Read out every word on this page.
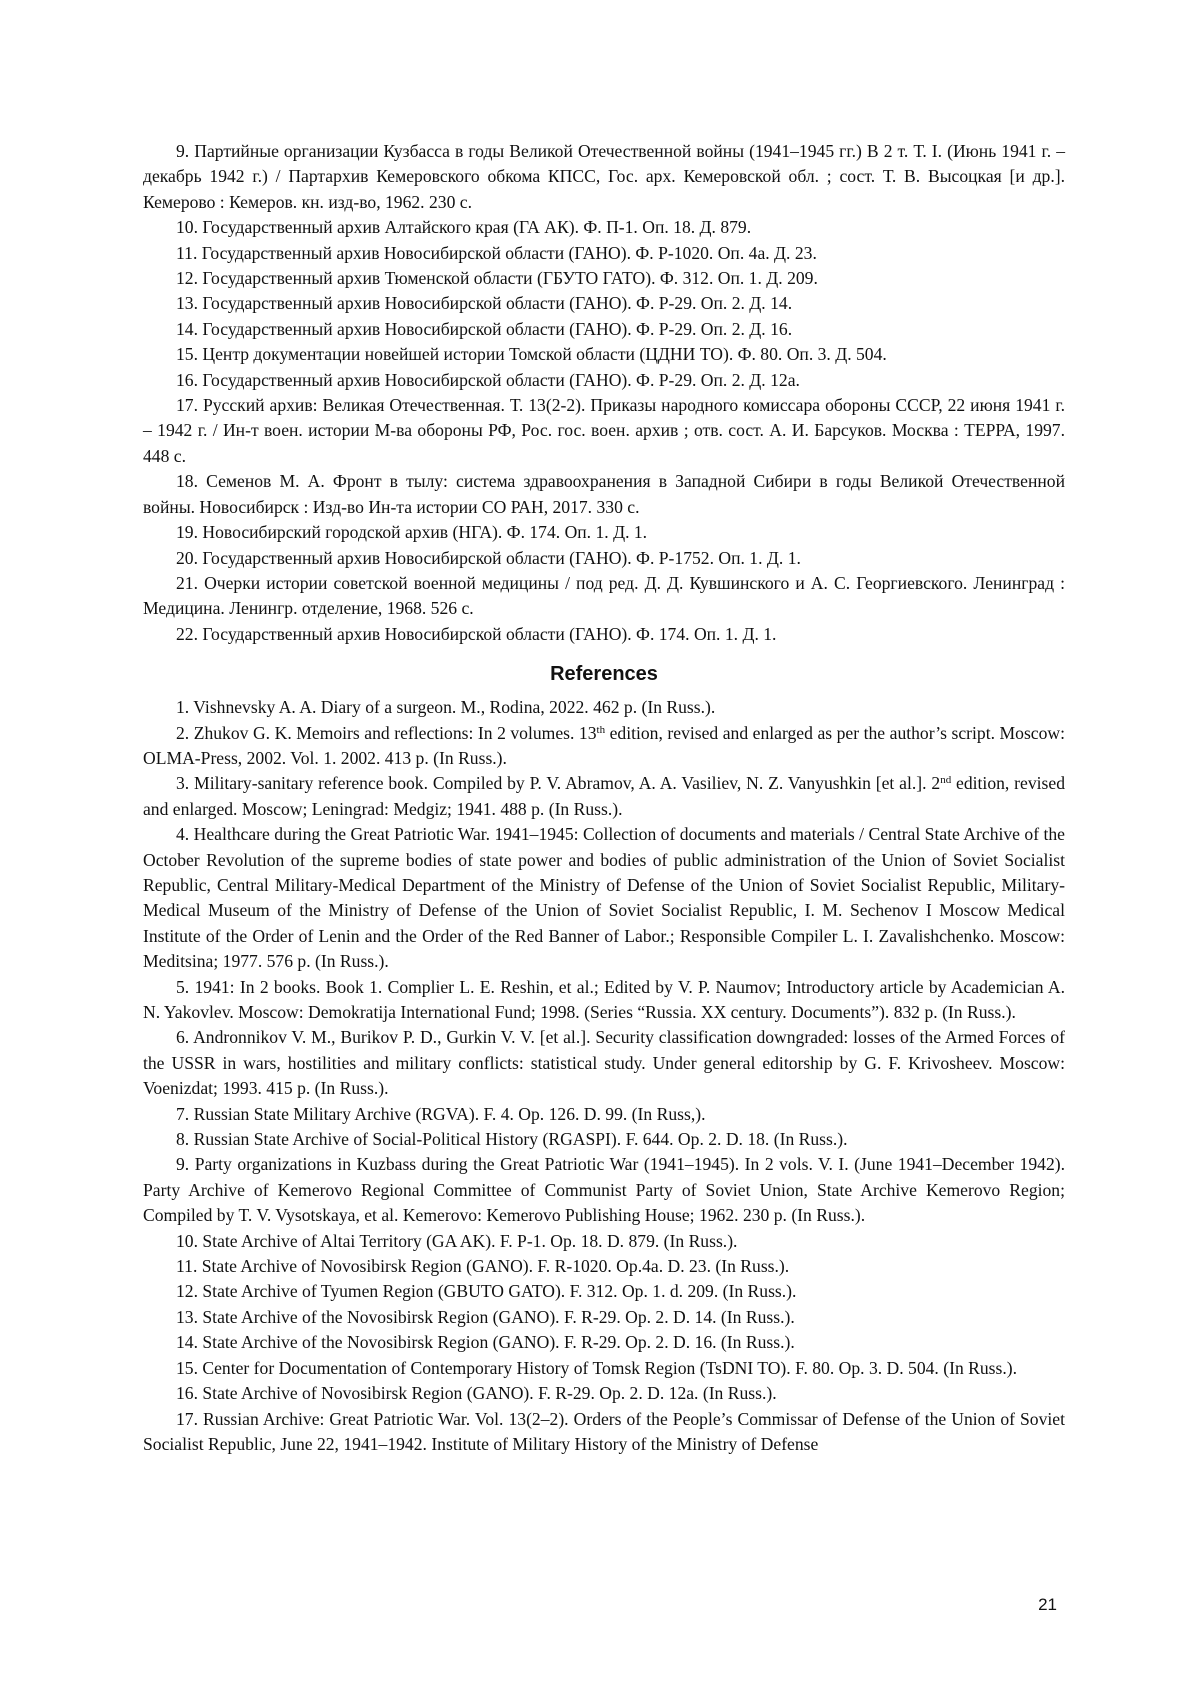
9. Партийные организации Кузбасса в годы Великой Отечественной войны (1941–1945 гг.) В 2 т. Т. I. (Июнь 1941 г. – декабрь 1942 г.) / Партархив Кемеровского обкома КПСС, Гос. арх. Кемеровской обл. ; сост. Т. В. Высоцкая [и др.]. Кемерово : Кемеров. кн. изд-во, 1962. 230 с.

10. Государственный архив Алтайского края (ГА АК). Ф. П-1. Оп. 18. Д. 879.

11. Государственный архив Новосибирской области (ГАНО). Ф. Р-1020. Оп. 4а. Д. 23.

12. Государственный архив Тюменской области (ГБУТО ГАТО). Ф. 312. Оп. 1. Д. 209.

13. Государственный архив Новосибирской области (ГАНО). Ф. Р-29. Оп. 2. Д. 14.

14. Государственный архив Новосибирской области (ГАНО). Ф. Р-29. Оп. 2. Д. 16.

15. Центр документации новейшей истории Томской области (ЦДНИ ТО). Ф. 80. Оп. 3. Д. 504.

16. Государственный архив Новосибирской области (ГАНО). Ф. Р-29. Оп. 2. Д. 12а.

17. Русский архив: Великая Отечественная. Т. 13(2-2). Приказы народного комиссара обороны СССР, 22 июня 1941 г. – 1942 г. / Ин-т воен. истории М-ва обороны РФ, Рос. гос. воен. архив ; отв. сост. А. И. Барсуков. Москва : ТЕРРА, 1997. 448 с.

18. Семенов М. А. Фронт в тылу: система здравоохранения в Западной Сибири в годы Великой Отечественной войны. Новосибирск : Изд-во Ин-та истории СО РАН, 2017. 330 с.

19. Новосибирский городской архив (НГА). Ф. 174. Оп. 1. Д. 1.

20. Государственный архив Новосибирской области (ГАНО). Ф. Р-1752. Оп. 1. Д. 1.

21. Очерки истории советской военной медицины / под ред. Д. Д. Кувшинского и А. С. Георгиевского. Ленинград : Медицина. Ленингр. отделение, 1968. 526 с.

22. Государственный архив Новосибирской области (ГАНО). Ф. 174. Оп. 1. Д. 1.

References

1. Vishnevsky A. A. Diary of a surgeon. M., Rodina, 2022. 462 p. (In Russ.).

2. Zhukov G. K. Memoirs and reflections: In 2 volumes. 13th edition, revised and enlarged as per the author’s script. Moscow: OLMA-Press, 2002. Vol. 1. 2002. 413 p. (In Russ.).

3. Military-sanitary reference book. Compiled by P. V. Abramov, A. A. Vasiliev, N. Z. Vanyushkin [et al.]. 2nd edition, revised and enlarged. Moscow; Leningrad: Medgiz; 1941. 488 p. (In Russ.).

4. Healthcare during the Great Patriotic War. 1941–1945: Collection of documents and materials / Central State Archive of the October Revolution of the supreme bodies of state power and bodies of public administration of the Union of Soviet Socialist Republic, Central Military-Medical Department of the Ministry of Defense of the Union of Soviet Socialist Republic, Military-Medical Museum of the Ministry of Defense of the Union of Soviet Socialist Republic, I. M. Sechenov I Moscow Medical Institute of the Order of Lenin and the Order of the Red Banner of Labor.; Responsible Compiler L. I. Zavalishchenko. Moscow: Meditsina; 1977. 576 p. (In Russ.).

5. 1941: In 2 books. Book 1. Complier L. E. Reshin, et al.; Edited by V. P. Naumov; Introductory article by Academician A. N. Yakovlev. Moscow: Demokratija International Fund; 1998. (Series “Russia. XX century. Documents”). 832 p. (In Russ.).

6. Andronnikov V. M., Burikov P. D., Gurkin V. V. [et al.]. Security classification downgraded: losses of the Armed Forces of the USSR in wars, hostilities and military conflicts: statistical study. Under general editorship by G. F. Krivosheev. Moscow: Voenizdat; 1993. 415 p. (In Russ.).

7. Russian State Military Archive (RGVA). F. 4. Op. 126. D. 99. (In Russ,).

8. Russian State Archive of Social-Political History (RGASPI). F. 644. Op. 2. D. 18. (In Russ.).

9. Party organizations in Kuzbass during the Great Patriotic War (1941–1945). In 2 vols. V. I. (June 1941–December 1942). Party Archive of Kemerovo Regional Committee of Communist Party of Soviet Union, State Archive Kemerovo Region; Compiled by T. V. Vysotskaya, et al. Kemerovo: Kemerovo Publishing House; 1962. 230 p. (In Russ.).

10. State Archive of Altai Territory (GA AK). F. P-1. Op. 18. D. 879. (In Russ.).

11. State Archive of Novosibirsk Region (GANO). F. R-1020. Op.4a. D. 23. (In Russ.).

12. State Archive of Tyumen Region (GBUTO GATO). F. 312. Op. 1. d. 209. (In Russ.).

13. State Archive of the Novosibirsk Region (GANO). F. R-29. Op. 2. D. 14. (In Russ.).

14. State Archive of the Novosibirsk Region (GANO). F. R-29. Op. 2. D. 16. (In Russ.).

15. Center for Documentation of Contemporary History of Tomsk Region (TsDNI TO). F. 80. Op. 3. D. 504. (In Russ.).

16. State Archive of Novosibirsk Region (GANO). F. R-29. Op. 2. D. 12a. (In Russ.).

17. Russian Archive: Great Patriotic War. Vol. 13(2–2). Orders of the People’s Commissar of Defense of the Union of Soviet Socialist Republic, June 22, 1941–1942. Institute of Military History of the Ministry of Defense

21
